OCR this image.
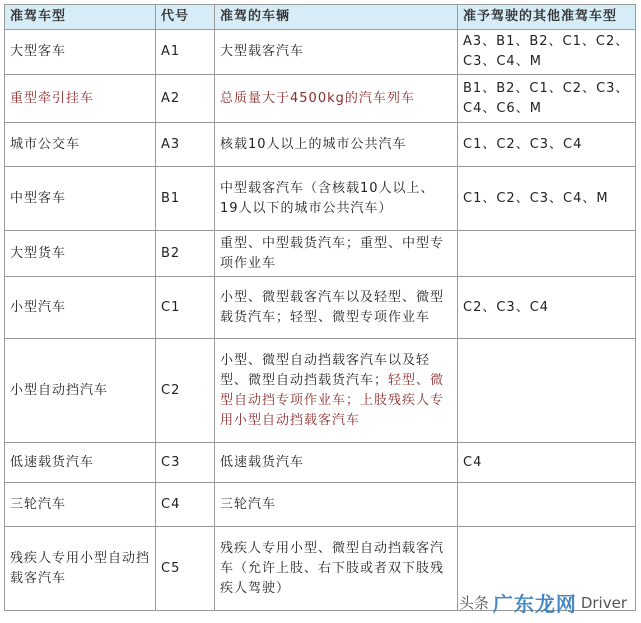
准驾车型	代号	准驾的车辆	准予驾驶的其他准驾车型
大型客车	A1	大型载客汽车	A3、B1、B2、C1、C2、C3、C4、M
重型牵引挂车	A2	总质量大于4500kg的汽车列车	B1、B2、C1、C2、C3、C4、C6、M
城市公交车	A3	核载10人以上的城市公共汽车	C1、C2、C3、C4
中型客车	B1	中型载客汽车（含核载10人以上、19人以下的城市公共汽车）	C1、C2、C3、C4、M
大型货车	B2	重型、中型载货汽车；重型、中型专项作业车	
小型汽车	C1	小型、微型载客汽车以及轻型、微型载货汽车；轻型、微型专项作业车	C2、C3、C4
小型自动挡汽车	C2	小型、微型自动挡载客汽车以及轻型、微型自动挡载货汽车；轻型、微型自动挡专项作业车；上肢残疾人专用小型自动挡载客汽车	
低速载货汽车	C3	低速载货汽车	C4
三轮汽车	C4	三轮汽车	
残疾人专用小型自动挡载客汽车	C5	残疾人专用小型、微型自动挡载客汽车（允许上肢、右下肢或者双下肢残疾人驾驶）	
头条 广东龙网 Driver
